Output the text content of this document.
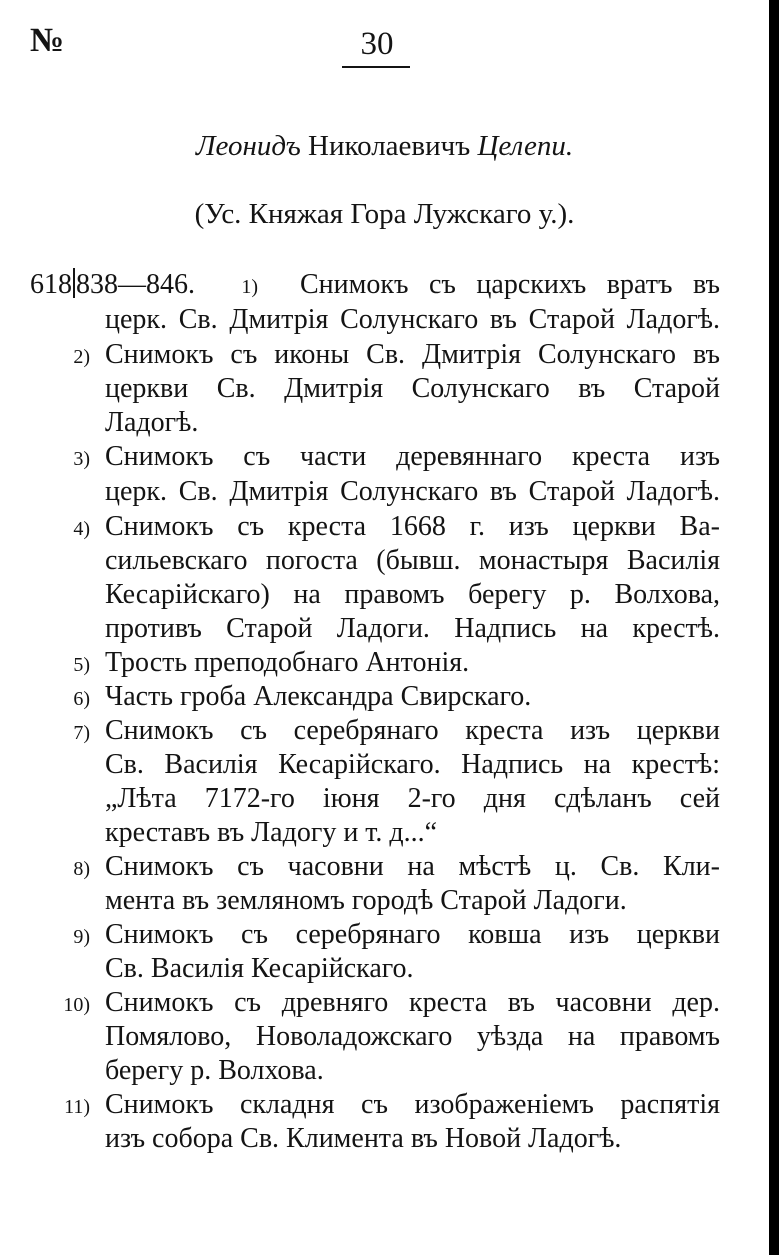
№	30
Леонидъ Николаевичъ Целепи.
(Ус. Княжая Гора Лужскаго у.).
618 838—846.	1) Снимокъ съ царскихъ вратъ въ
церк. Св. Дмитрія Солунскаго въ Старой Ладогѣ.
2) Снимокъ съ иконы Св. Дмитрія Солунскаго въ
церкви Св. Дмитрія Солунскаго въ Старой
Ладогѣ.
3) Снимокъ съ части деревяннаго креста изъ
церк. Св. Дмитрія Солунскаго въ Старой Ладогѣ.
4) Снимокъ съ креста 1668 г. изъ церкви Ва-
сильевскаго погоста (бывш. монастыря Василія
Кесарійскаго) на правомъ берегу р. Волхова,
противъ Старой Ладоги. Надпись на крестѣ.
5) Трость преподобнаго Антонія.
6) Часть гроба Александра Свирскаго.
7) Снимокъ съ серебрянаго креста изъ церкви
Св. Василія Кесарійскаго. Надпись на крестѣ:
„Лѣта 7172-го іюня 2-го дня сдѣланъ сей
креставъ въ Ладогу и т. д...“
8) Снимокъ съ часовни на мѣстѣ ц. Св. Кли-
мента въ земляномъ городѣ Старой Ладоги.
9) Снимокъ съ серебрянаго ковша изъ церкви
Св. Василія Кесарійскаго.
10) Снимокъ съ древняго креста въ часовни дер.
Помялово, Новоладожскаго уѣзда на правомъ
берегу р. Волхова.
11) Снимокъ складня съ изображеніемъ распятія
изъ собора Св. Климента въ Новой Ладогѣ.
